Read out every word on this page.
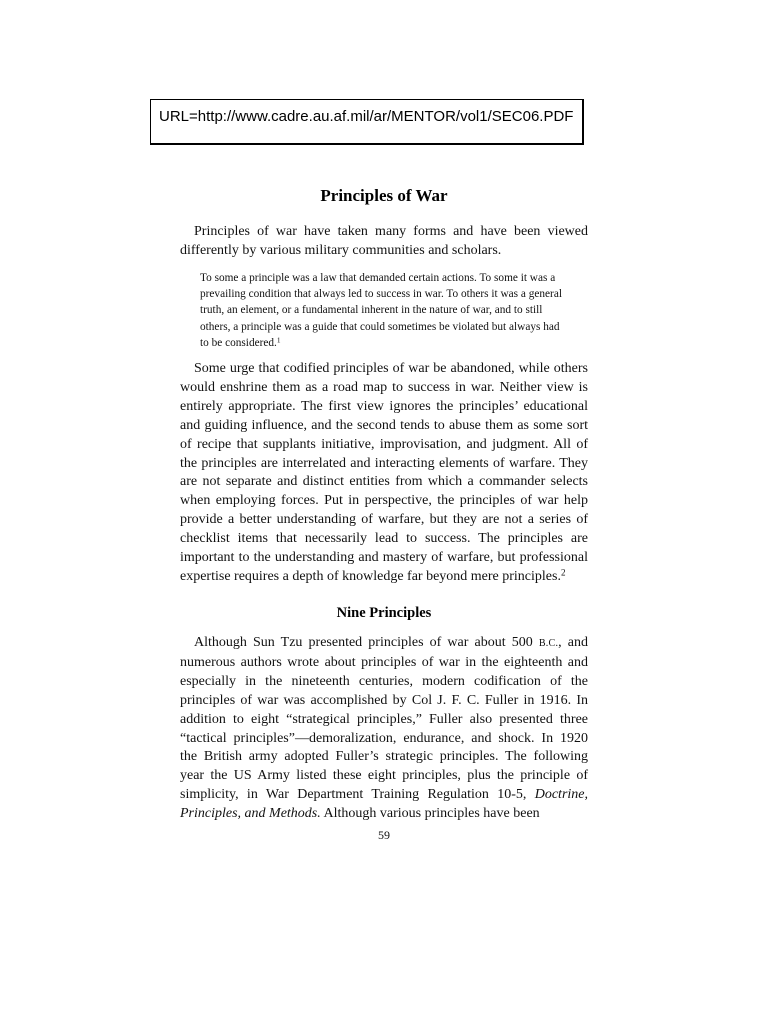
URL=http://www.cadre.au.af.mil/ar/MENTOR/vol1/SEC06.PDF
Principles of War

Principles of war have taken many forms and have been viewed differently by various military communities and scholars.

To some a principle was a law that demanded certain actions. To some it was a prevailing condition that always led to success in war. To others it was a general truth, an element, or a fundamental inherent in the nature of war, and to still others, a principle was a guide that could sometimes be violated but always had to be considered.$^1$

Some urge that codified principles of war be abandoned, while others would enshrine them as a road map to success in war. Neither view is entirely appropriate. The first view ignores the principles’ educational and guiding influence, and the second tends to abuse them as some sort of recipe that supplants initiative, improvisation, and judgment. All of the principles are interrelated and interacting elements of warfare. They are not separate and distinct entities from which a commander selects when employing forces. Put in perspective, the principles of war help provide a better understanding of warfare, but they are not a series of checklist items that necessarily lead to success. The principles are important to the understanding and mastery of warfare, but professional expertise requires a depth of knowledge far beyond mere principles.$^2$

Nine Principles

Although Sun Tzu presented principles of war about 500 B.C., and numerous authors wrote about principles of war in the eighteenth and especially in the nineteenth centuries, modern codification of the principles of war was accomplished by Col J. F. C. Fuller in 1916. In addition to eight “strategical principles,” Fuller also presented three “tactical principles”—demoralization, endurance, and shock. In 1920 the British army adopted Fuller’s strategic principles. The following year the US Army listed these eight principles, plus the principle of simplicity, in War Department Training Regulation 10-5, Doctrine, Principles, and Methods. Although various principles have been

59
